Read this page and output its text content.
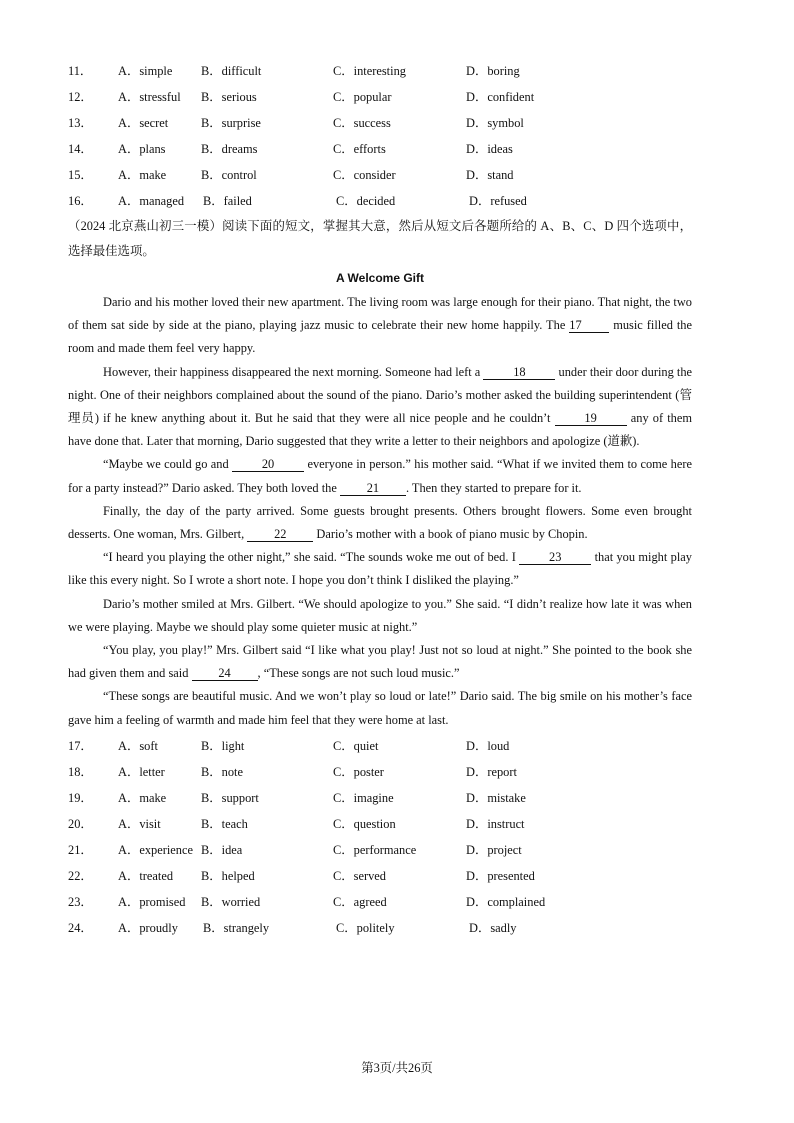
11． A．simple B．difficult	C．interesting	D．boring
12． A．stressful B．serious	C．popular	D．confident
13． A．secret	B．surprise	C．success	D．symbol
14． A．plans	B．dreams	C．efforts	D．ideas
15． A．make	B．control	C．consider	D．stand
16． A．managed B．failed	C．decided	D．refused
（2024 北京燕山初三一模）阅读下面的短文，掌握其大意，然后从短文后各题所给的 A、B、C、D 四个选项中，选择最佳选项。
A Welcome Gift

Dario and his mother loved their new apartment. The living room was large enough for their piano. That night, the two of them sat side by side at the piano, playing jazz music to celebrate their new home happily. The 17 music filled the room and made them feel very happy.

However, their happiness disappeared the next morning. Someone had left a 18 under their door during the night. One of their neighbors complained about the sound of the piano. Dario’s mother asked the building superintendent (管理员) if he knew anything about it. But he said that they were all nice people and he couldn’t 19 any of them have done that. Later that morning, Dario suggested that they write a letter to their neighbors and apologize (道歉).

“Maybe we could go and 20 everyone in person.” his mother said. “What if we invited them to come here for a party instead?” Dario asked. They both loved the 21 . Then they started to prepare for it.

Finally, the day of the party arrived. Some guests brought presents. Others brought flowers. Some even brought desserts. One woman, Mrs. Gilbert, 22 Dario’s mother with a book of piano music by Chopin.

“I heard you playing the other night,” she said. “The sounds woke me out of bed. I 23 that you might play like this every night. So I wrote a short note. I hope you don’t think I disliked the playing.”

Dario’s mother smiled at Mrs. Gilbert. “We should apologize to you.” She said. “I didn’t realize how late it was when we were playing. Maybe we should play some quieter music at night.”

“You play, you play!” Mrs. Gilbert said “I like what you play! Just not so loud at night.” She pointed to the book she had given them and said 24 , “These songs are not such loud music.”

“These songs are beautiful music. And we won’t play so loud or late!” Dario said. The big smile on his mother’s face gave him a feeling of warmth and made him feel that they were home at last.

17． A．soft	B．light	C．quiet	D．loud
18． A．letter	B．note	C．poster	D．report
19． A．make	B．support	C．imagine	D．mistake
20． A．visit	B．teach	C．question	D．instruct
21． A．experience B．idea	C．performance	D．project
22． A．treated B．helped	C．served	D．presented
23． A．promised B．worried	C．agreed	D．complained
24． A．proudly B．strangely	C．politely	D．sadly
第3页/共26页
